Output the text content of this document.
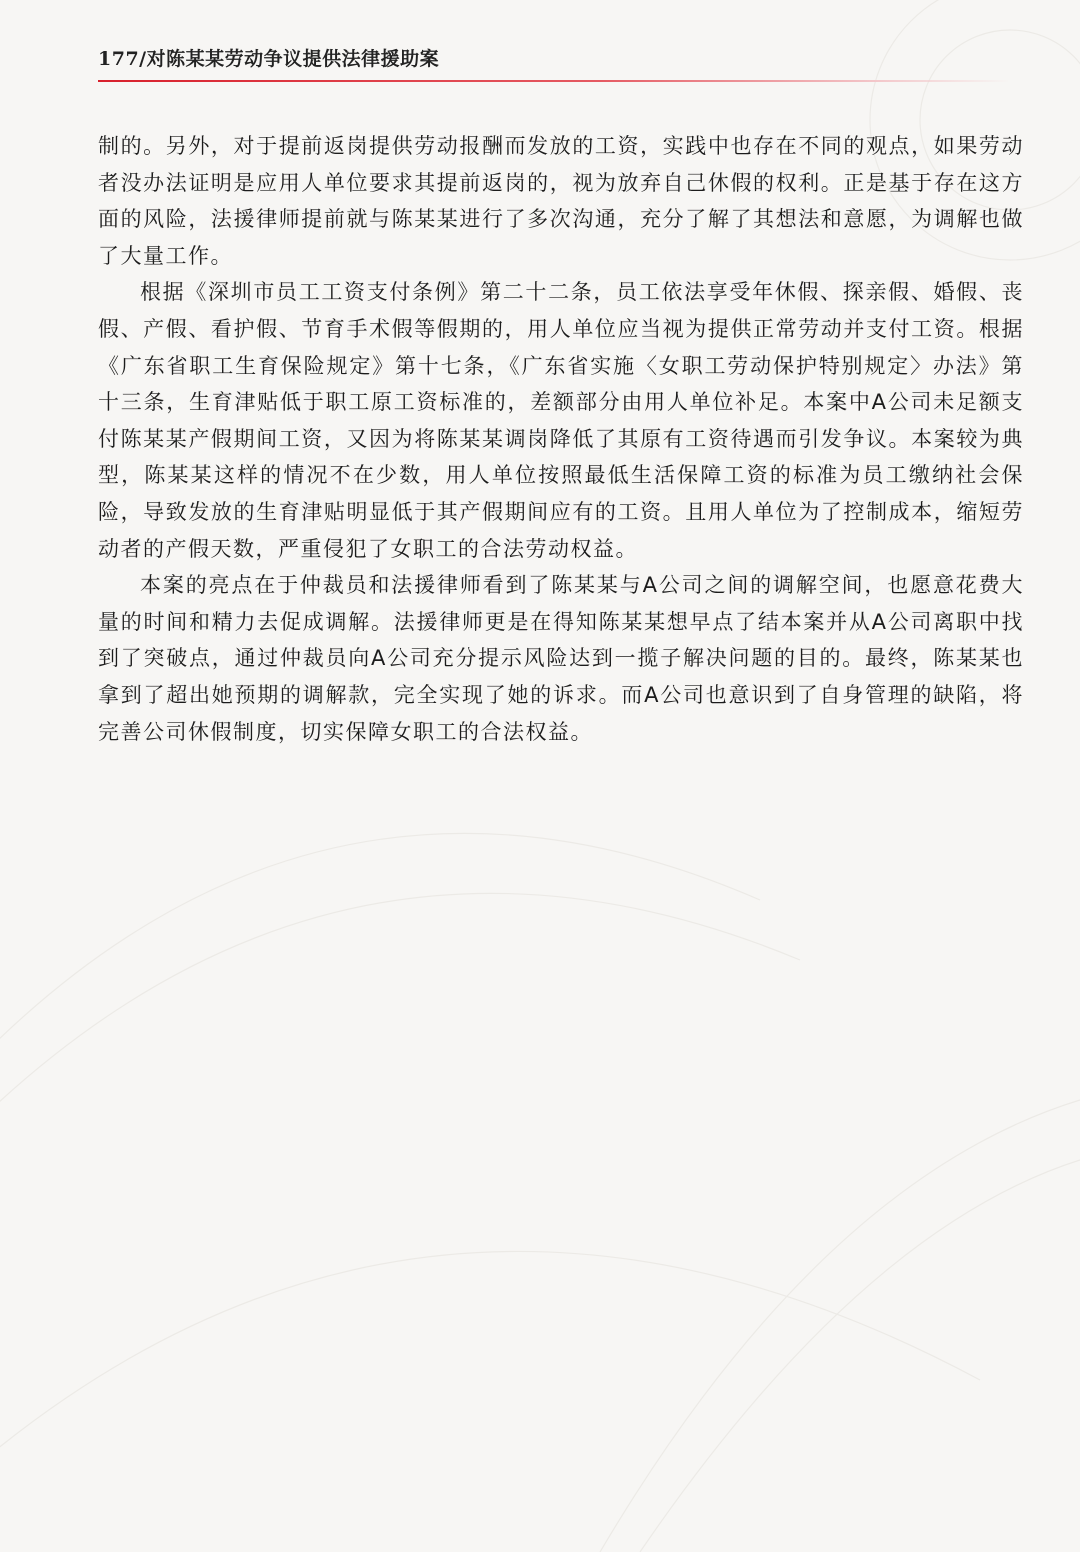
177/对陈某某劳动争议提供法律援助案

制的。另外，对于提前返岗提供劳动报酬而发放的工资，实践中也存在不同的观点，如果劳动者没办法证明是应用人单位要求其提前返岗的，视为放弃自己休假的权利。正是基于存在这方面的风险，法援律师提前就与陈某某进行了多次沟通，充分了解了其想法和意愿，为调解也做了大量工作。

根据《深圳市员工工资支付条例》第二十二条，员工依法享受年休假、探亲假、婚假、丧假、产假、看护假、节育手术假等假期的，用人单位应当视为提供正常劳动并支付工资。根据《广东省职工生育保险规定》第十七条，《广东省实施〈女职工劳动保护特别规定〉办法》第十三条，生育津贴低于职工原工资标准的，差额部分由用人单位补足。本案中A公司未足额支付陈某某产假期间工资，又因为将陈某某调岗降低了其原有工资待遇而引发争议。本案较为典型，陈某某这样的情况不在少数，用人单位按照最低生活保障工资的标准为员工缴纳社会保险，导致发放的生育津贴明显低于其产假期间应有的工资。且用人单位为了控制成本，缩短劳动者的产假天数，严重侵犯了女职工的合法劳动权益。

本案的亮点在于仲裁员和法援律师看到了陈某某与A公司之间的调解空间，也愿意花费大量的时间和精力去促成调解。法援律师更是在得知陈某某想早点了结本案并从A公司离职中找到了突破点，通过仲裁员向A公司充分提示风险达到一揽子解决问题的目的。最终，陈某某也拿到了超出她预期的调解款，完全实现了她的诉求。而A公司也意识到了自身管理的缺陷，将完善公司休假制度，切实保障女职工的合法权益。
